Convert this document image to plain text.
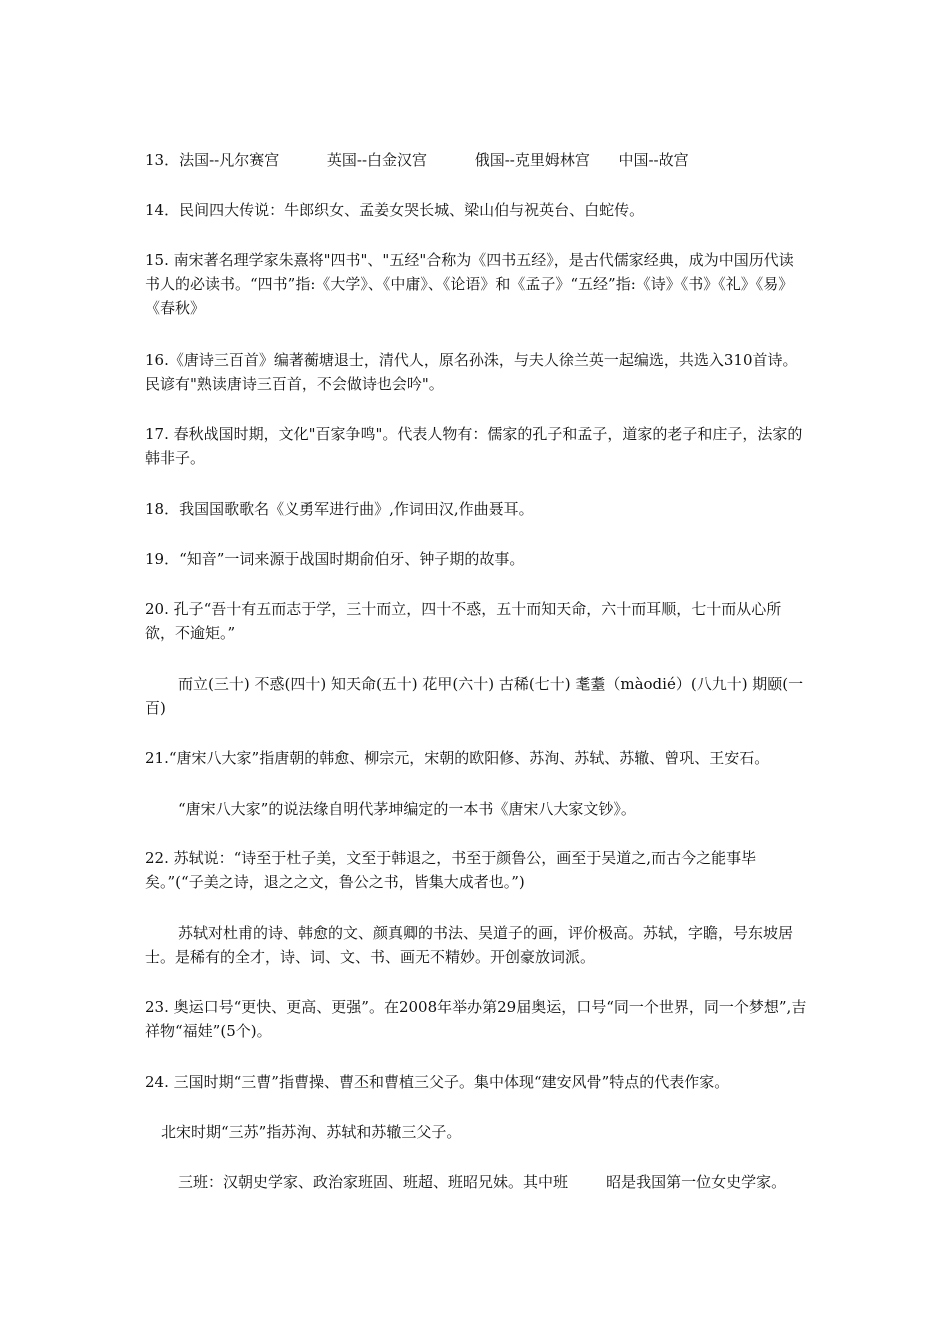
13．法国--凡尔赛宫          英国--白金汉宫          俄国--克里姆林宫      中国--故宫

14．民间四大传说：牛郎织女、孟姜女哭长城、梁山伯与祝英台、白蛇传。

15. 南宋著名理学家朱熹将"四书"、"五经"合称为《四书五经》，是古代儒家经典，成为中国历代读书人的必读书。“四书”指:《大学》、《中庸》、《论语》和《孟子》“五经”指:《诗》《书》《礼》《易》《春秋》

16.《唐诗三百首》编著蘅塘退士，清代人，原名孙洙，与夫人徐兰英一起编选，共选入310首诗。民谚有"熟读唐诗三百首，不会做诗也会吟"。

17. 春秋战国时期，文化"百家争鸣"。代表人物有：儒家的孔子和孟子，道家的老子和庄子，法家的韩非子。

18．我国国歌歌名《义勇军进行曲》,作词田汉,作曲聂耳。

19．“知音”一词来源于战国时期俞伯牙、钟子期的故事。

20. 孔子“吾十有五而志于学，三十而立，四十不惑，五十而知天命，六十而耳顺，七十而从心所欲，不逾矩。”

而立(三十) 不惑(四十) 知天命(五十) 花甲(六十) 古稀(七十) 耄耋（màodié）(八九十) 期颐(一百)

21.“唐宋八大家”指唐朝的韩愈、柳宗元，宋朝的欧阳修、苏洵、苏轼、苏辙、曾巩、王安石。

“唐宋八大家”的说法缘自明代茅坤编定的一本书《唐宋八大家文钞》。

22. 苏轼说：“诗至于杜子美，文至于韩退之，书至于颜鲁公，画至于吴道之,而古今之能事毕矣。”(“子美之诗，退之之文，鲁公之书，皆集大成者也。”)

苏轼对杜甫的诗、韩愈的文、颜真卿的书法、吴道子的画，评价极高。苏轼，字瞻，号东坡居士。是稀有的全才，诗、词、文、书、画无不精妙。开创豪放词派。

23. 奥运口号“更快、更高、更强”。在2008年举办第29届奥运，口号“同一个世界，同一个梦想”,吉祥物“福娃”(5个)。

24. 三国时期“三曹”指曹操、曹丕和曹植三父子。集中体现“建安风骨”特点的代表作家。

北宋时期“三苏”指苏洵、苏轼和苏辙三父子。

三班：汉朝史学家、政治家班固、班超、班昭兄妹。其中班        昭是我国第一位女史学家。
